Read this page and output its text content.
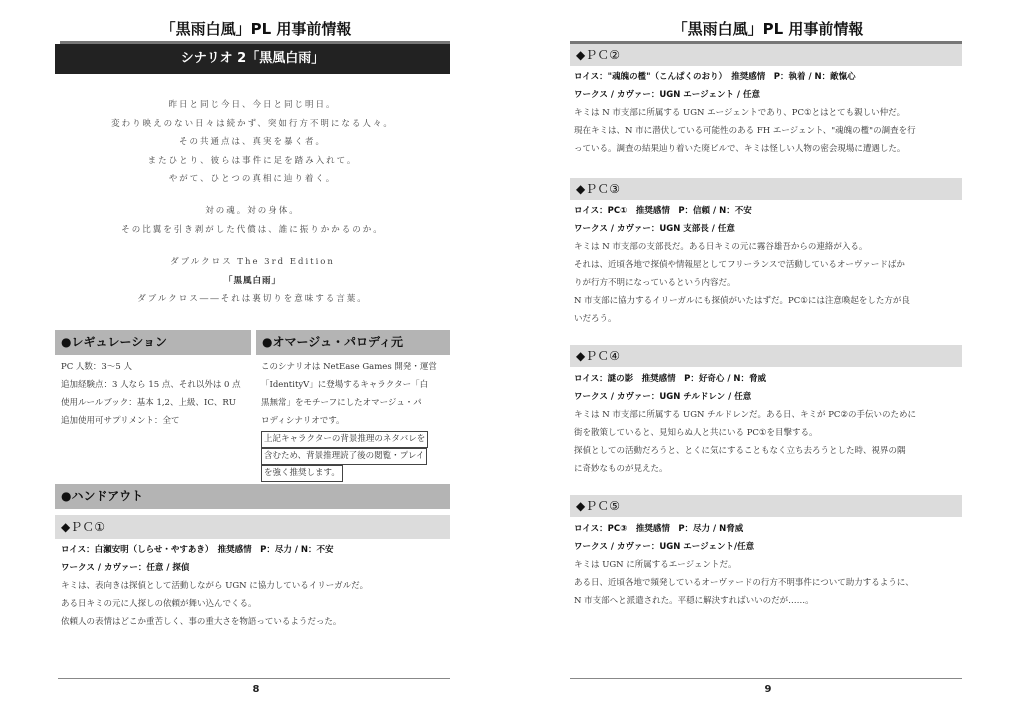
「黒雨白風」PL 用事前情報
シナリオ 2「黒風白雨」
昨日と同じ今日、今日と同じ明日。
変わり映えのない日々は続かず、突如行方不明になる人々。
その共通点は、真実を暴く者。
またひとり、彼らは事件に足を踏み入れて。
やがて、ひとつの真相に辿り着く。
対の魂。対の身体。
その比翼を引き剥がした代償は、誰に振りかかるのか。
ダブルクロス The 3rd Edition
「黒風白雨」
ダブルクロス――それは裏切りを意味する言葉。
●レギュレーション	●オマージュ・パロディ元
PC 人数：3〜5 人
追加経験点：3 人なら 15 点、それ以外は 0 点
使用ルールブック：基本 1,2、上級、IC、RU
追加使用可サプリメント：全て
このシナリオは NetEase Games 開発・運営
「IdentityV」に登場するキャラクター「白
黒無常」をモチーフにしたオマージュ・パ
ロディシナリオです。
上記キャラクターの背景推理のネタバレを
含むため、背景推理読了後の閲覧・プレイ
を強く推奨します。
●ハンドアウト
◆ＰＣ①
ロイス：白瀬安明（しらせ・やすあき）　推奨感情　P：尽力 / N：不安
ワークス / カヴァー：任意 / 探偵
キミは、表向きは探偵として活動しながら UGN に協力しているイリーガルだ。
ある日キミの元に人探しの依頼が舞い込んでくる。
依頼人の表情はどこか重苦しく、事の重大さを物語っているようだった。
8
「黒雨白風」PL 用事前情報
◆ＰＣ②
ロイス："魂魄の檻"（こんぱくのおり）　推奨感情　P：執着 / N：敵愾心
ワークス / カヴァー：UGN エージェント / 任意
キミは N 市支部に所属する UGN エージェントであり、PC①とはとても親しい仲だ。
現在キミは、N 市に潜伏している可能性のある FH エージェント、"魂魄の檻"の調査を行
っている。調査の結果辿り着いた廃ビルで、キミは怪しい人物の密会現場に遭遇した。
◆ＰＣ③
ロイス：PC①　推奨感情　P：信頼 / N：不安
ワークス / カヴァー：UGN 支部長 / 任意
キミは N 市支部の支部長だ。ある日キミの元に霧谷雄吾からの連絡が入る。
それは、近頃各地で探偵や情報屋としてフリーランスで活動しているオーヴァードばか
りが行方不明になっているという内容だ。
N 市支部に協力するイリーガルにも探偵がいたはずだ。PC①には注意喚起をした方が良
いだろう。
◆ＰＣ④
ロイス：謎の影　推奨感情　P：好奇心 / N：脅威
ワークス / カヴァー：UGN チルドレン / 任意
キミは N 市支部に所属する UGN チルドレンだ。ある日、キミが PC②の手伝いのために
街を散策していると、見知らぬ人と共にいる PC①を目撃する。
探偵としての活動だろうと、とくに気にすることもなく立ち去ろうとした時、視界の隅
に奇妙なものが見えた。
◆ＰＣ⑤
ロイス：PC③　推奨感情　P：尽力 / N脅威
ワークス / カヴァー：UGN エージェント/任意
キミは UGN に所属するエージェントだ。
ある日、近頃各地で頻発しているオーヴァードの行方不明事件について助力するように、
N 市支部へと派遣された。平穏に解決すればいいのだが……。
9
